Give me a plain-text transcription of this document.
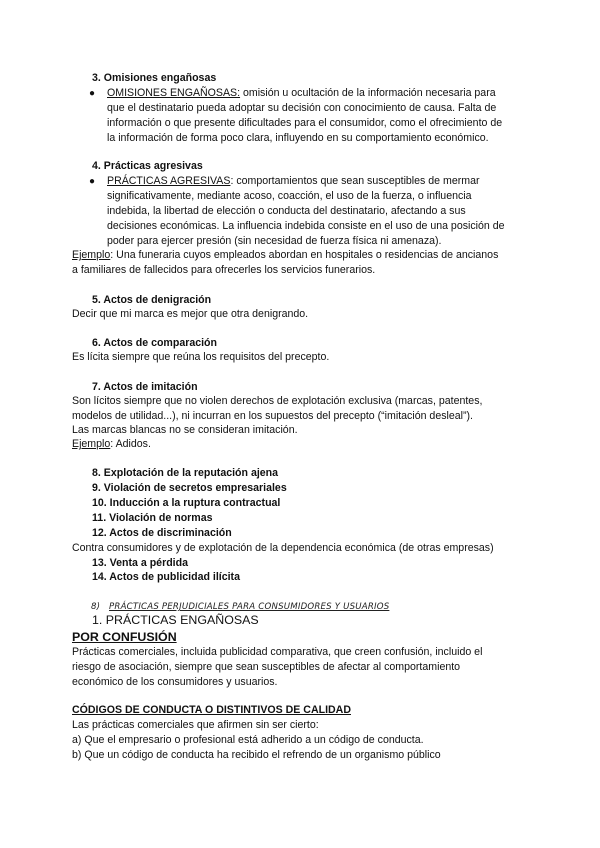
3. Omisiones engañosas
● OMISIONES ENGAÑOSAS: omisión u ocultación de la información necesaria para
que el destinatario pueda adoptar su decisión con conocimiento de causa. Falta de
información o que presente dificultades para el consumidor, como el ofrecimiento de
la información de forma poco clara, influyendo en su comportamiento económico.
4. Prácticas agresivas
● PRÁCTICAS AGRESIVAS: comportamientos que sean susceptibles de mermar
significativamente, mediante acoso, coacción, el uso de la fuerza, o influencia
indebida, la libertad de elección o conducta del destinatario, afectando a sus
decisiones económicas. La influencia indebida consiste en el uso de una posición de
poder para ejercer presión (sin necesidad de fuerza física ni amenaza).
Ejemplo: Una funeraria cuyos empleados abordan en hospitales o residencias de ancianos
a familiares de fallecidos para ofrecerles los servicios funerarios.
5. Actos de denigración
Decir que mi marca es mejor que otra denigrando.
6. Actos de comparación
Es lícita siempre que reúna los requisitos del precepto.
7. Actos de imitación
Son lícitos siempre que no violen derechos de explotación exclusiva (marcas, patentes,
modelos de utilidad...), ni incurran en los supuestos del precepto (“imitación desleal”).
Las marcas blancas no se consideran imitación.
Ejemplo: Adidos.
8. Explotación de la reputación ajena
9. Violación de secretos empresariales
10. Inducción a la ruptura contractual
11. Violación de normas
12. Actos de discriminación
Contra consumidores y de explotación de la dependencia económica (de otras empresas)
13. Venta a pérdida
14. Actos de publicidad ilícita
8) PRÁCTICAS PERJUDICIALES PARA CONSUMIDORES Y USUARIOS
1. PRÁCTICAS ENGAÑOSAS
POR CONFUSIÓN
Prácticas comerciales, incluida publicidad comparativa, que creen confusión, incluido el
riesgo de asociación, siempre que sean susceptibles de afectar al comportamiento
económico de los consumidores y usuarios.
CÓDIGOS DE CONDUCTA O DISTINTIVOS DE CALIDAD
Las prácticas comerciales que afirmen sin ser cierto:
a) Que el empresario o profesional está adherido a un código de conducta.
b) Que un código de conducta ha recibido el refrendo de un organismo público
